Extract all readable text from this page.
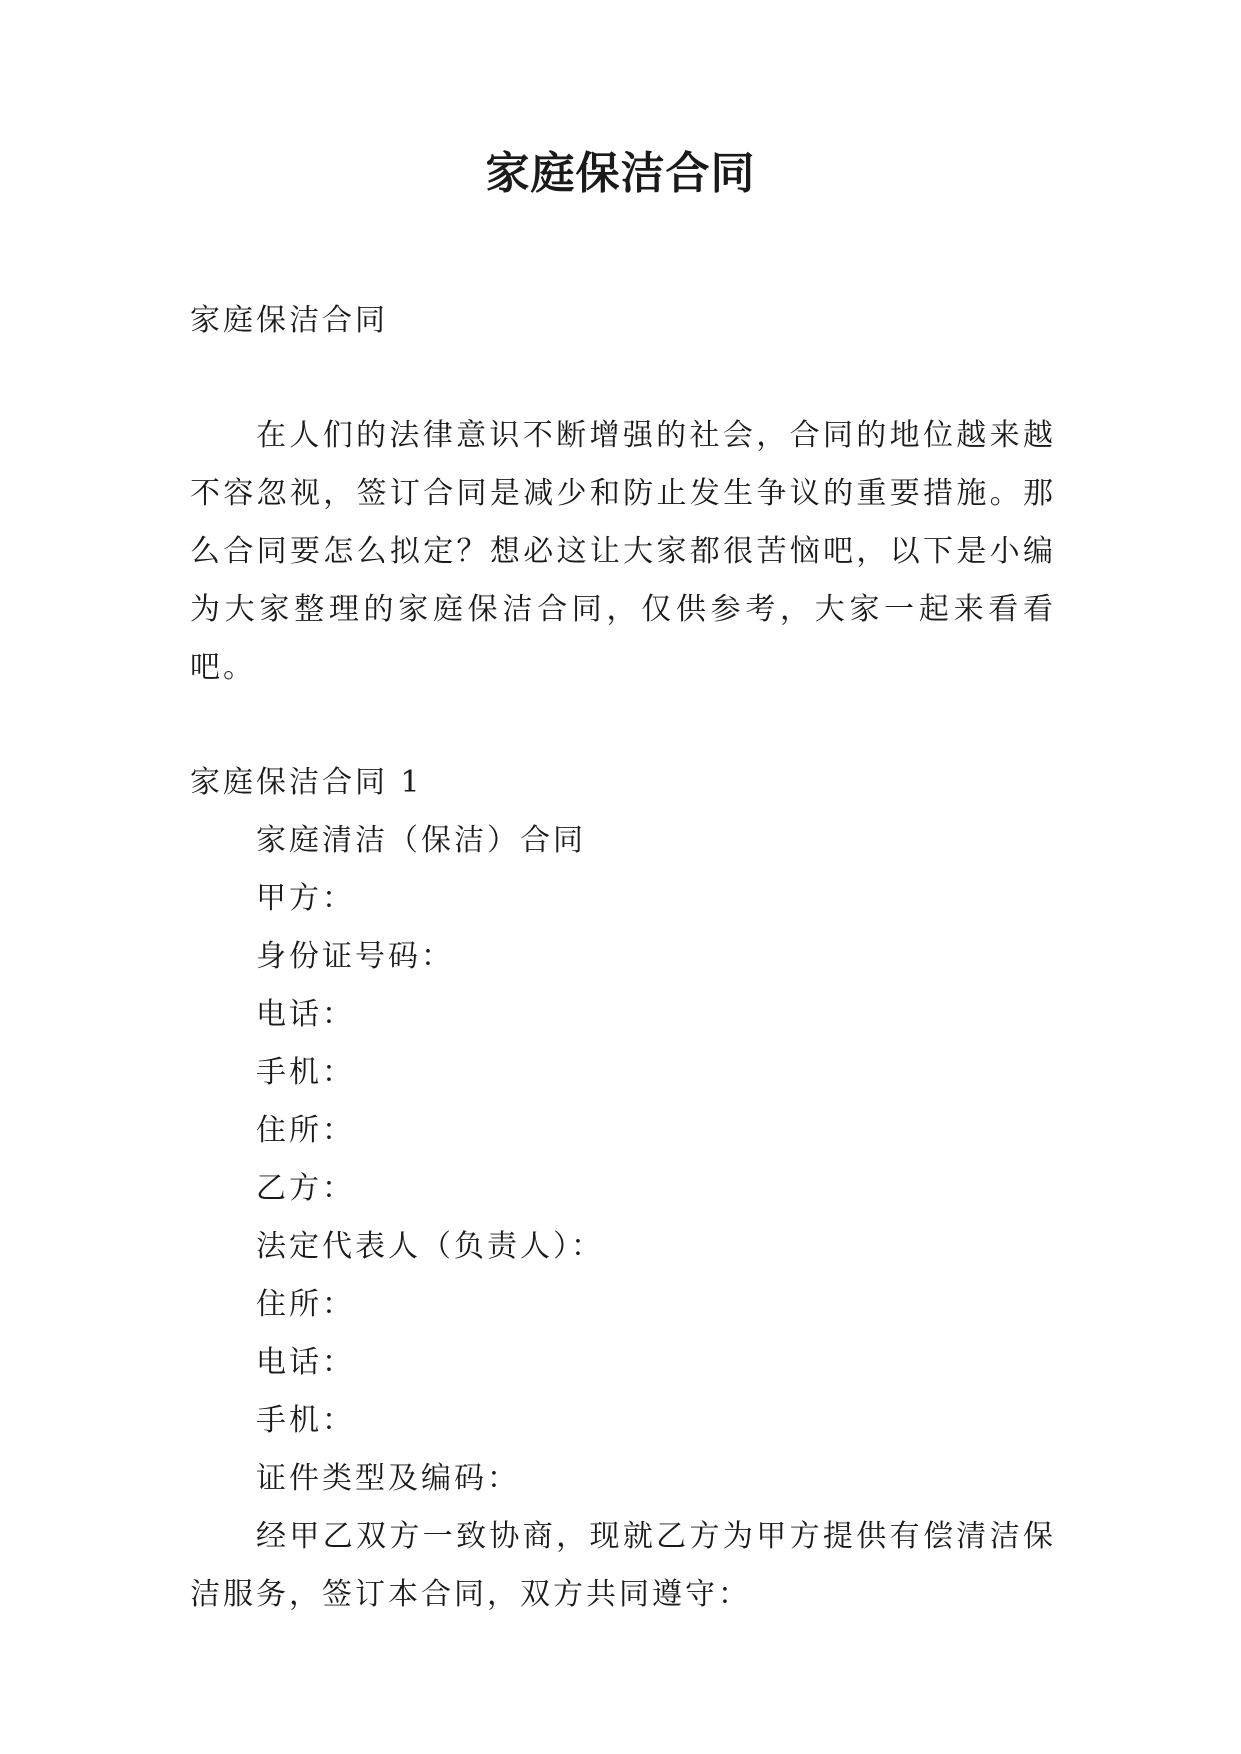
家庭保洁合同

家庭保洁合同

在人们的法律意识不断增强的社会，合同的地位越来越不容忽视，签订合同是减少和防止发生争议的重要措施。那么合同要怎么拟定？想必这让大家都很苦恼吧，以下是小编为大家整理的家庭保洁合同，仅供参考，大家一起来看看吧。

家庭保洁合同 1

家庭清洁（保洁）合同

甲方：

身份证号码：

电话：

手机：

住所：

乙方：

法定代表人（负责人）：

住所：

电话：

手机：

证件类型及编码：

经甲乙双方一致协商，现就乙方为甲方提供有偿清洁保洁服务，签订本合同，双方共同遵守：
